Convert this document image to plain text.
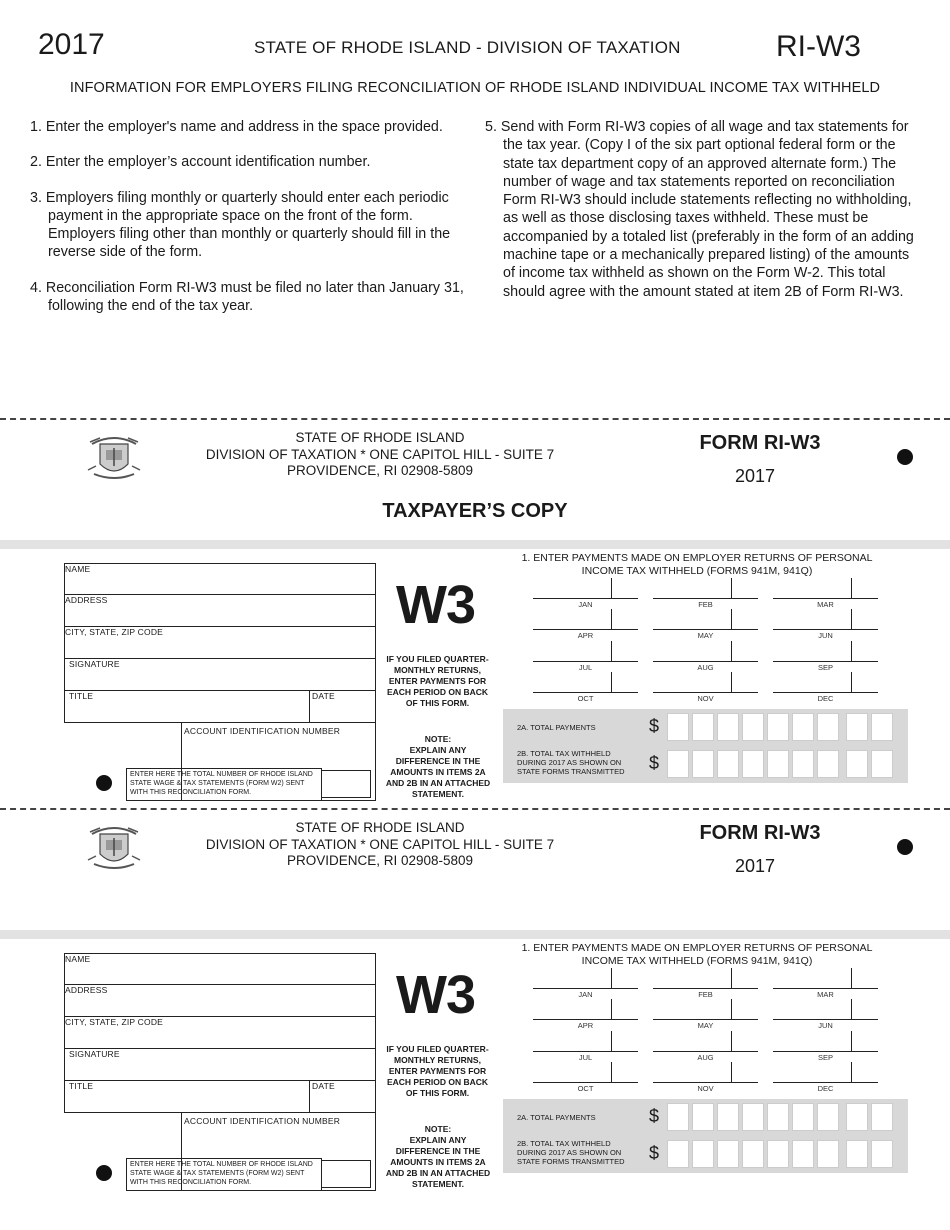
2017	STATE OF RHODE ISLAND - DIVISION OF TAXATION	RI-W3
INFORMATION FOR EMPLOYERS FILING RECONCILIATION OF RHODE ISLAND INDIVIDUAL INCOME TAX WITHHELD

1. Enter the employer's name and address in the space provided.

2. Enter the employer’s account identification number.

3. Employers filing monthly or quarterly should enter each periodic payment in the appropriate space on the front of the form. Employers filing other than monthly or quarterly should fill in the reverse side of the form.

4. Reconciliation Form RI-W3 must be filed no later than January 31, following the end of the tax year.

5. Send with Form RI-W3 copies of all wage and tax statements for the tax year. (Copy I of the six part optional federal form or the state tax department copy of an approved alternate form.) The number of wage and tax statements reported on reconciliation Form RI-W3 should include statements reflecting no withholding, as well as those disclosing taxes withheld. These must be accompanied by a totaled list (preferably in the form of an adding machine tape or a mechanically prepared listing) of the amounts of income tax withheld as shown on the Form W-2. This total should agree with the amount stated at item 2B of Form RI-W3.

STATE OF RHODE ISLAND
DIVISION OF TAXATION * ONE CAPITOL HILL - SUITE 7
PROVIDENCE, RI 02908-5809
FORM RI-W3
2017
NAME
ADDRESS
CITY, STATE, ZIP CODE
SIGNATURE
TITLE	DATE
ACCOUNT IDENTIFICATION NUMBER
ENTER HERE THE TOTAL NUMBER OF RHODE ISLAND STATE WAGE & TAX STATEMENTS (FORM W2) SENT WITH THIS RECONCILIATION FORM.
W3
IF YOU FILED QUARTER-MONTHLY RETURNS, ENTER PAYMENTS FOR EACH PERIOD ON BACK OF THIS FORM.
NOTE:
EXPLAIN ANY DIFFERENCE IN THE AMOUNTS IN ITEMS 2A AND 2B IN AN ATTACHED STATEMENT.
1. ENTER PAYMENTS MADE ON EMPLOYER RETURNS OF PERSONAL INCOME TAX WITHHELD (FORMS 941M, 941Q)
JAN	FEB	MAR
APR	MAY	JUN
JUL	AUG	SEP
OCT	NOV	DEC
2A. TOTAL PAYMENTS	$
2B. TOTAL TAX WITHHELD DURING 2017 AS SHOWN ON STATE FORMS TRANSMITTED	$
STATE OF RHODE ISLAND
DIVISION OF TAXATION * ONE CAPITOL HILL - SUITE 7
PROVIDENCE, RI 02908-5809
FORM RI-W3
2017
NAME
ADDRESS
CITY, STATE, ZIP CODE
SIGNATURE
TITLE	DATE
ACCOUNT IDENTIFICATION NUMBER
ENTER HERE THE TOTAL NUMBER OF RHODE ISLAND STATE WAGE & TAX STATEMENTS (FORM W2) SENT WITH THIS RECONCILIATION FORM.
W3
IF YOU FILED QUARTER-MONTHLY RETURNS, ENTER PAYMENTS FOR EACH PERIOD ON BACK OF THIS FORM.
NOTE:
EXPLAIN ANY DIFFERENCE IN THE AMOUNTS IN ITEMS 2A AND 2B IN AN ATTACHED STATEMENT.
1. ENTER PAYMENTS MADE ON EMPLOYER RETURNS OF PERSONAL INCOME TAX WITHHELD (FORMS 941M, 941Q)
JAN	FEB	MAR
APR	MAY	JUN
JUL	AUG	SEP
OCT	NOV	DEC
2A. TOTAL PAYMENTS	$
2B. TOTAL TAX WITHHELD DURING 2017 AS SHOWN ON STATE FORMS TRANSMITTED	$
TAXPAYER’S COPY
